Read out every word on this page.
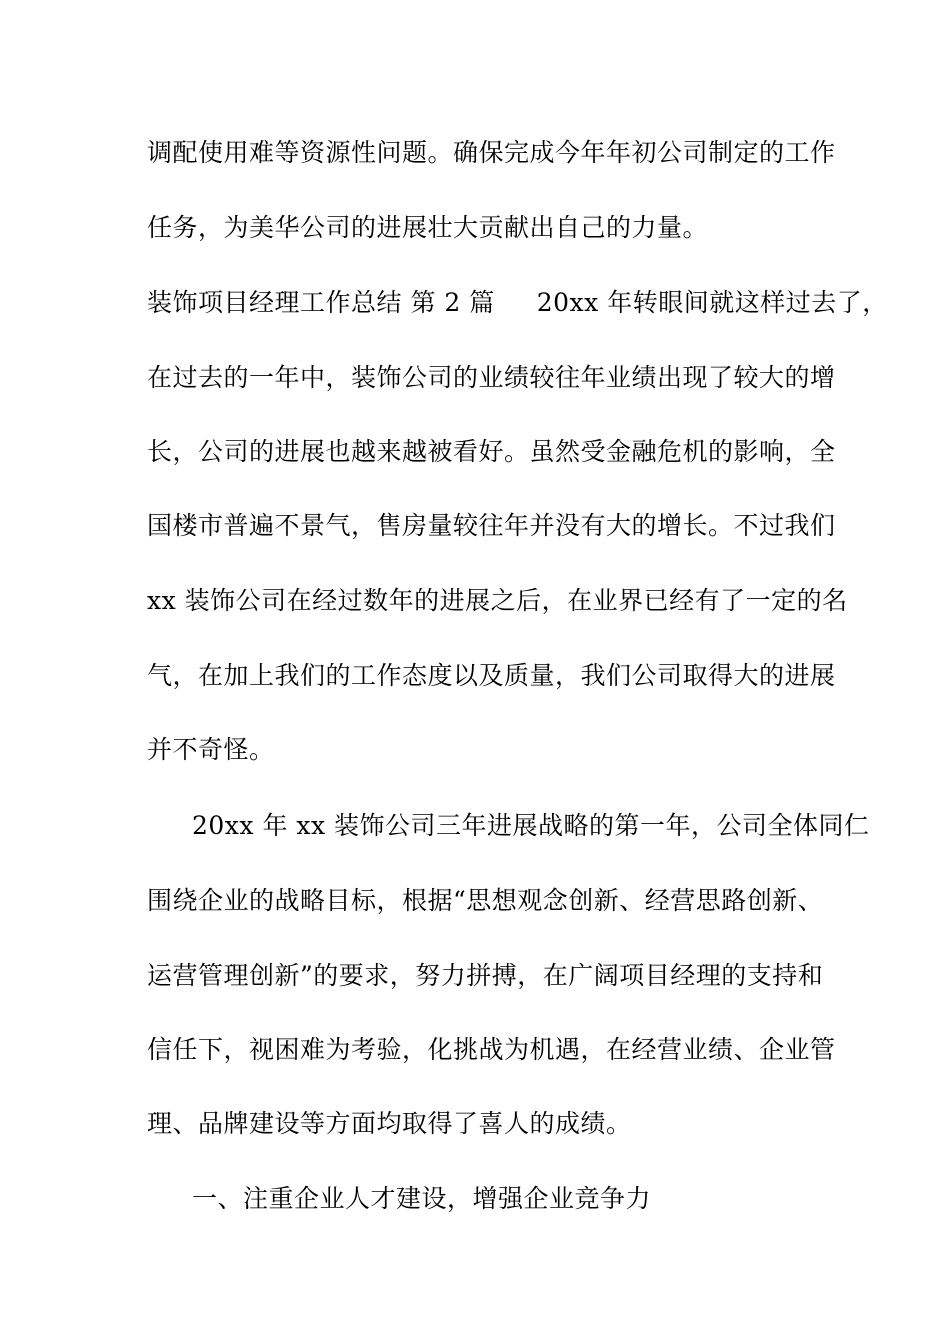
调配使用难等资源性问题。确保完成今年年初公司制定的工作
任务，为美华公司的进展壮大贡献出自己的力量。
装饰项目经理工作总结 第 2 篇 20xx 年转眼间就这样过去了，
在过去的一年中，装饰公司的业绩较往年业绩出现了较大的增
长，公司的进展也越来越被看好。虽然受金融危机的影响，全
国楼市普遍不景气，售房量较往年并没有大的增长。不过我们
xx 装饰公司在经过数年的进展之后，在业界已经有了一定的名
气，在加上我们的工作态度以及质量，我们公司取得大的进展
并不奇怪。
20xx 年 xx 装饰公司三年进展战略的第一年，公司全体同仁
围绕企业的战略目标，根据“思想观念创新、经营思路创新、
运营管理创新”的要求，努力拼搏，在广阔项目经理的支持和
信任下，视困难为考验，化挑战为机遇，在经营业绩、企业管
理、品牌建设等方面均取得了喜人的成绩。
一、注重企业人才建设，增强企业竞争力
